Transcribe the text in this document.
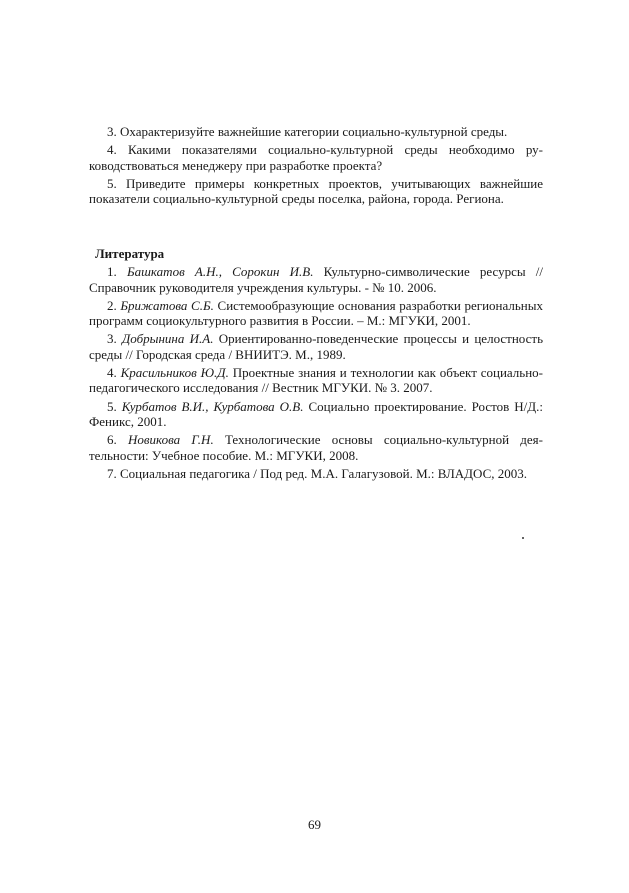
3. Охарактеризуйте важнейшие категории социально-культурной среды.

4. Какими показателями социально-культурной среды необходимо руководствоваться менеджеру при разработке проекта?

5. Приведите примеры конкретных проектов, учитывающих важнейшие показатели социально-культурной среды поселка, района, города. Региона.

Литература

1. Башкатов А.Н., Сорокин И.В. Культурно-символические ресурсы // Справочник руководителя учреждения культуры. - № 10. 2006.

2. Брижатова С.Б. Системообразующие основания разработки региональных программ социокультурного развития в России. – М.: МГУКИ, 2001.

3. Добрынина И.А. Ориентированно-поведенческие процессы и целостность среды // Городская среда / ВНИИТЭ. М., 1989.

4. Красильников Ю.Д. Проектные знания и технологии как объект социально-педагогического исследования // Вестник МГУКИ. № 3. 2007.

5. Курбатов В.И., Курбатова О.В. Социально проектирование. Ростов Н/Д.: Феникс, 2001.

6. Новикова Г.Н. Технологические основы социально-культурной деятельности: Учебное пособие. М.: МГУКИ, 2008.

7. Социальная педагогика / Под ред. М.А. Галагузовой. М.: ВЛАДОС, 2003.

69
